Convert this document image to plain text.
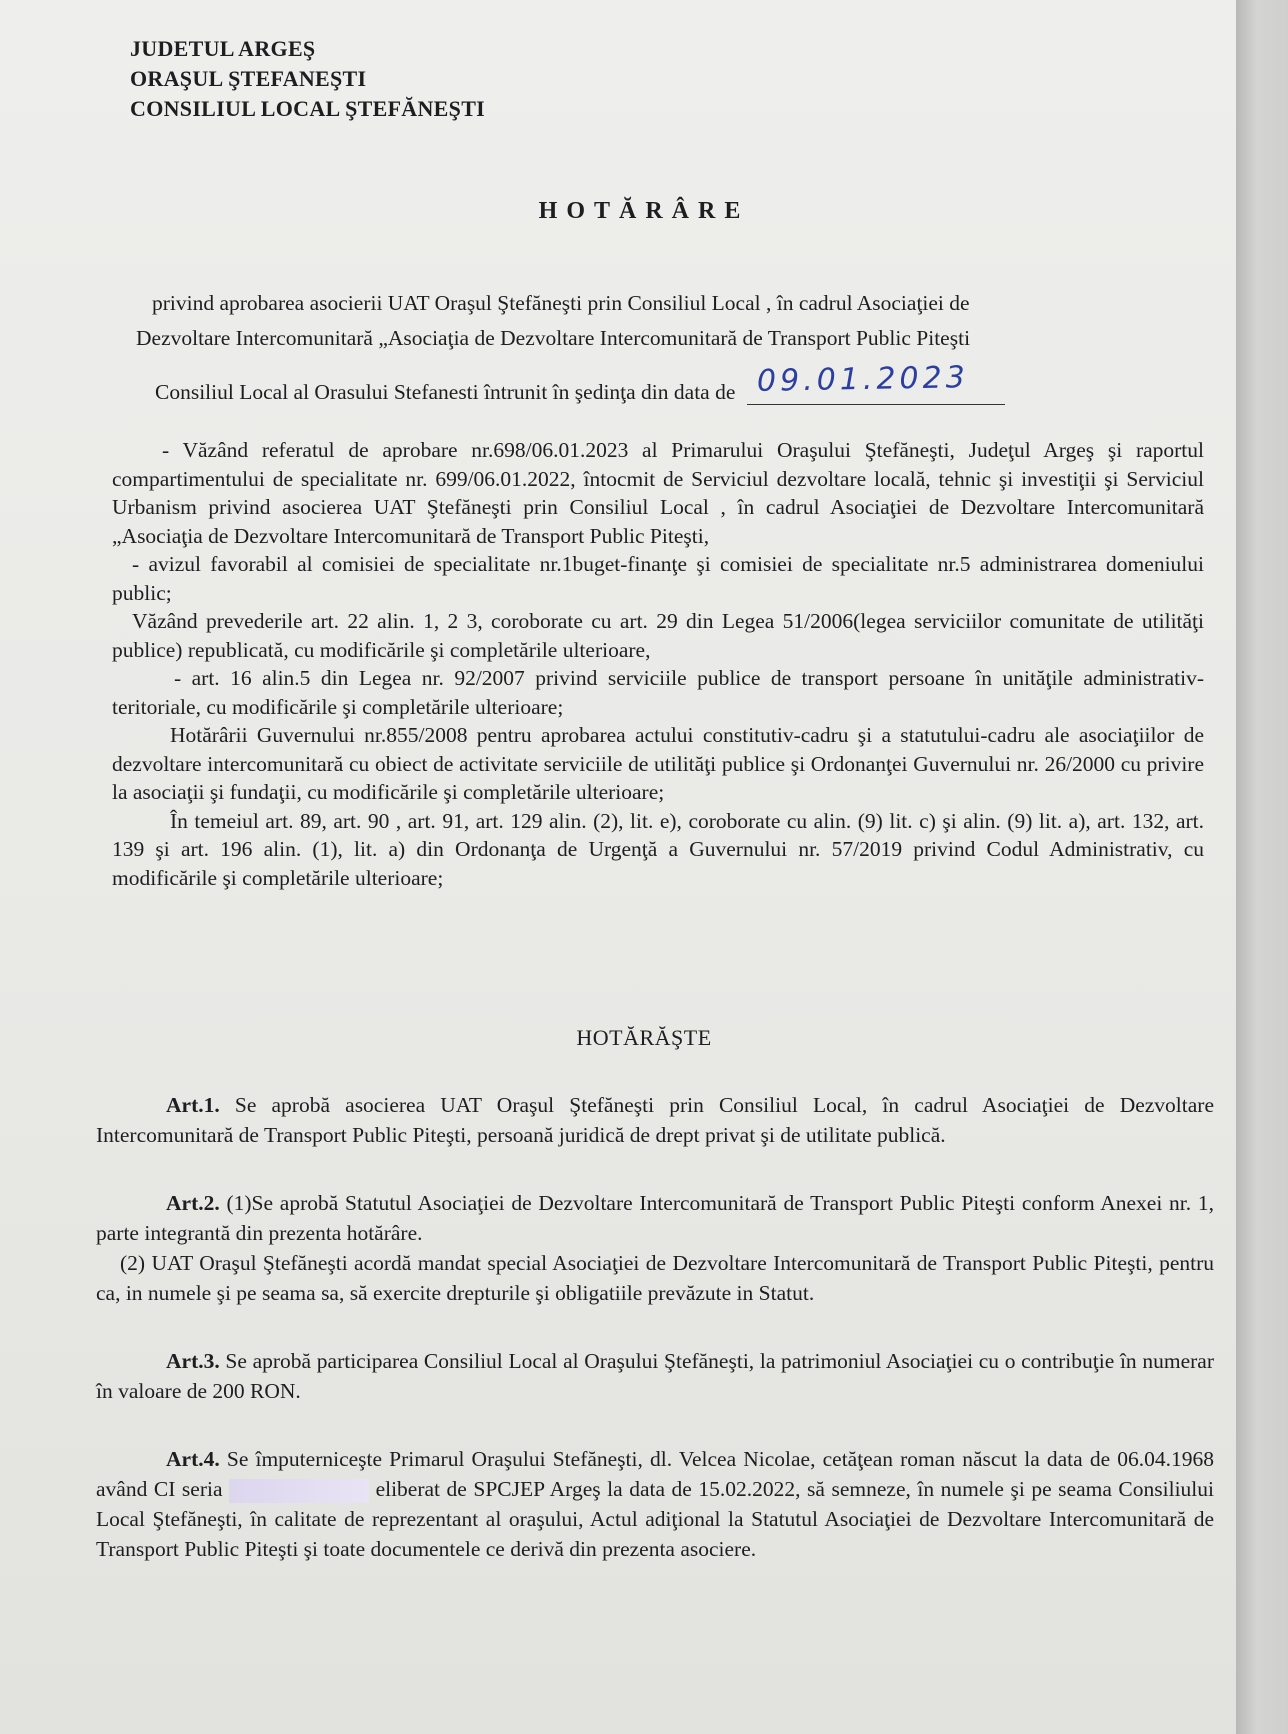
JUDETUL ARGEŞ
ORAŞUL ŞTEFANEŞTI
CONSILIUL LOCAL ŞTEFĂNEŞTI
HOTĂRÂRE
privind aprobarea asocierii UAT Oraşul Ştefăneşti prin Consiliul Local , în cadrul Asociaţiei de
Dezvoltare Intercomunitară „Asociaţia de Dezvoltare Intercomunitară de Transport Public Piteşti
Consiliul Local al Orasului Stefanesti întrunit în şedinţa din data de 09.01.2023

- Văzând referatul de aprobare nr.698/06.01.2023 al Primarului Oraşului Ştefăneşti, Judeţul Argeş şi raportul compartimentului de specialitate nr. 699/06.01.2022, întocmit de Serviciul dezvoltare locală, tehnic şi investiţii şi Serviciul Urbanism privind asocierea UAT Ştefăneşti prin Consiliul Local , în cadrul Asociaţiei de Dezvoltare Intercomunitară „Asociaţia de Dezvoltare Intercomunitară de Transport Public Piteşti,

- avizul favorabil al comisiei de specialitate nr.1buget-finanţe şi comisiei de specialitate nr.5 administrarea domeniului public;

Văzând prevederile art. 22 alin. 1, 2 3, coroborate cu art. 29 din Legea 51/2006(legea serviciilor comunitate de utilităţi publice) republicată, cu modificările şi completările ulterioare,

- art. 16 alin.5 din Legea nr. 92/2007 privind serviciile publice de transport persoane în unităţile administrativ-teritoriale, cu modificările şi completările ulterioare;

Hotărârii Guvernului nr.855/2008 pentru aprobarea actului constitutiv-cadru şi a statutului-cadru ale asociaţiilor de dezvoltare intercomunitară cu obiect de activitate serviciile de utilităţi publice şi Ordonanţei Guvernului nr. 26/2000 cu privire la asociaţii şi fundaţii, cu modificările şi completările ulterioare;

În temeiul art. 89, art. 90 , art. 91, art. 129 alin. (2), lit. e), coroborate cu alin. (9) lit. c) şi alin. (9) lit. a), art. 132, art. 139 şi art. 196 alin. (1), lit. a) din Ordonanţa de Urgenţă a Guvernului nr. 57/2019 privind Codul Administrativ, cu modificările şi completările ulterioare;

HOTĂRĂŞTE

Art.1. Se aprobă asocierea UAT Oraşul Ştefăneşti prin Consiliul Local, în cadrul Asociaţiei de Dezvoltare Intercomunitară de Transport Public Piteşti, persoană juridică de drept privat şi de utilitate publică.

Art.2. (1)Se aprobă Statutul Asociaţiei de Dezvoltare Intercomunitară de Transport Public Piteşti conform Anexei nr. 1, parte integrantă din prezenta hotărâre.

(2) UAT Oraşul Ştefăneşti acordă mandat special Asociaţiei de Dezvoltare Intercomunitară de Transport Public Piteşti, pentru ca, in numele şi pe seama sa, să exercite drepturile şi obligatiile prevăzute in Statut.

Art.3. Se aprobă participarea Consiliul Local al Oraşului Ştefăneşti, la patrimoniul Asociaţiei cu o contribuţie în numerar în valoare de 200 RON.

Art.4. Se împuterniceşte Primarul Oraşului Stefăneşti, dl. Velcea Nicolae, cetăţean roman născut la data de 06.04.1968 având CI seria	eliberat de SPCJEP Argeş la data de 15.02.2022, să semneze, în numele şi pe seama Consiliului Local Ştefăneşti, în calitate de reprezentant al oraşului, Actul adiţional la Statutul Asociaţiei de Dezvoltare Intercomunitară de Transport Public Piteşti şi toate documentele ce derivă din prezenta asociere.
